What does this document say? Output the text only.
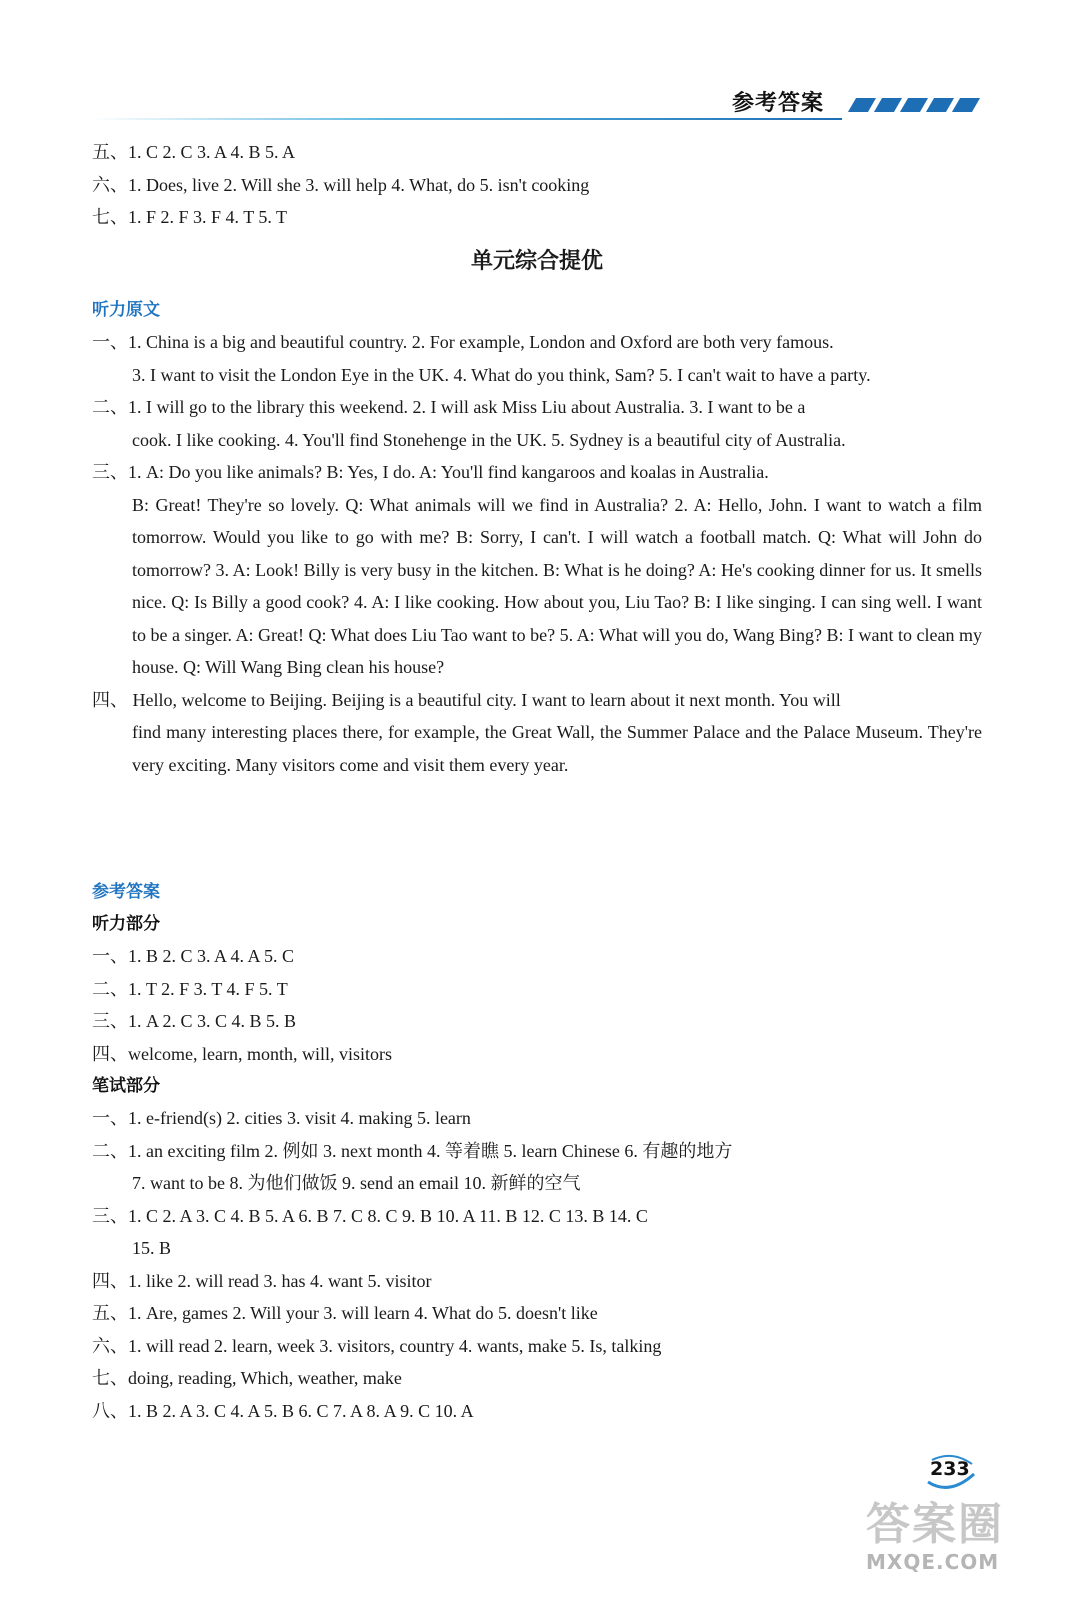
参考答案
五、1. C 2. C 3. A 4. B 5. A
六、1. Does, live 2. Will she 3. will help 4. What, do 5. isn't cooking
七、1. F 2. F 3. F 4. T 5. T
单元综合提优
听力原文
一、1. China is a big and beautiful country. 2. For example, London and Oxford are both very famous.
3. I want to visit the London Eye in the UK. 4. What do you think, Sam? 5. I can't wait to have a party.
二、1. I will go to the library this weekend. 2. I will ask Miss Liu about Australia. 3. I want to be a
cook. I like cooking. 4. You'll find Stonehenge in the UK. 5. Sydney is a beautiful city of Australia.
三、1. A: Do you like animals? B: Yes, I do. A: You'll find kangaroos and koalas in Australia.
B: Great! They're so lovely. Q: What animals will we find in Australia? 2. A: Hello, John. I want to watch a film tomorrow. Would you like to go with me? B: Sorry, I can't. I will watch a football match. Q: What will John do tomorrow? 3. A: Look! Billy is very busy in the kitchen. B: What is he doing? A: He's cooking dinner for us. It smells nice. Q: Is Billy a good cook? 4. A: I like cooking. How about you, Liu Tao? B: I like singing. I can sing well. I want to be a singer. A: Great! Q: What does Liu Tao want to be? 5. A: What will you do, Wang Bing? B: I want to clean my house. Q: Will Wang Bing clean his house?
四、 Hello, welcome to Beijing. Beijing is a beautiful city. I want to learn about it next month. You will
find many interesting places there, for example, the Great Wall, the Summer Palace and the Palace Museum. They're very exciting. Many visitors come and visit them every year.
参考答案
听力部分
一、1. B 2. C 3. A 4. A 5. C
二、1. T 2. F 3. T 4. F 5. T
三、1. A 2. C 3. C 4. B 5. B
四、welcome, learn, month, will, visitors
笔试部分
一、1. e-friend(s) 2. cities 3. visit 4. making 5. learn
二、1. an exciting film 2. 例如 3. next month 4. 等着瞧 5. learn Chinese 6. 有趣的地方
7. want to be 8. 为他们做饭 9. send an email 10. 新鲜的空气
三、1. C 2. A 3. C 4. B 5. A 6. B 7. C 8. C 9. B 10. A 11. B 12. C 13. B 14. C
15. B
四、1. like 2. will read 3. has 4. want 5. visitor
五、1. Are, games 2. Will your 3. will learn 4. What do 5. doesn't like
六、1. will read 2. learn, week 3. visitors, country 4. wants, make 5. Is, talking
七、doing, reading, Which, weather, make
八、1. B 2. A 3. C 4. A 5. B 6. C 7. A 8. A 9. C 10. A
233
答案圈
MXQE.COM
